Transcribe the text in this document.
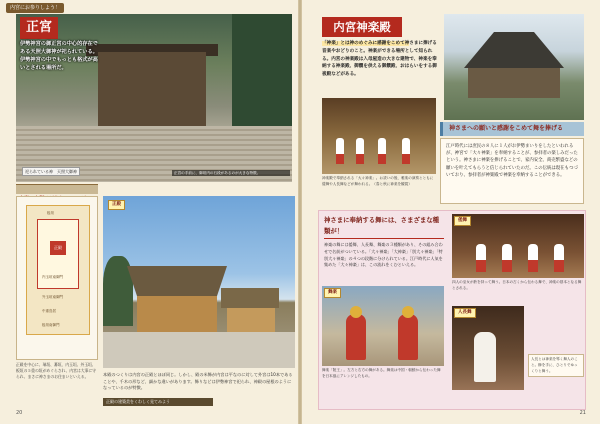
内宮にお参りしよう！
正宮
伊勢神宮の御正宮の中心的存在である天照大御神が祀られている。伊勢神宮の中でもっとも格式が高いとされる場所だ。
祀られている神　天照大御神	正宮の手前に、御垣内の石段があるのが大きな特徴。
正殿
板垣
内玉垣南御門
外玉垣南御門
中重鳥居
板垣南御門
正殿を中心に、瑞垣、蕃垣、内玉垣、外玉垣、板垣の５重の垣がめぐらされ、内宮は大事に守られ、まさに神さまのお住まいといえる。
正殿
本殿のつくりは内宮の正殿とほぼ同じ。しかし、殿の米飾が内宮は平なのに対して外宮は10本であることや、千木の形など、細かな違いがあります。飾りなどは伊勢神宮で祀られ、神殿の屋根のようになっているのが特徴。
正殿の建築美をくわしく見てみよう
20
内宮神楽殿
「神楽」とは神のめぐみに感謝をこめて神さまに捧げる音楽やおどりのこと。神楽ができる場所として知られる。内宮の神楽殿は入母屋造の大きな建物で、神楽を奉納する神楽殿、御饌を供える御饌殿、おはらいをする御祓殿などがある。
神楽殿で奉納される「大々神楽」。お祓いの後、雅楽の演奏とともに倭舞や人長舞などが舞われる。（春と秋に神楽を観賞）
神さまへの願いと感謝をこめて舞を捧げる
江戸時代には庶民の８人に１人がお伊勢まいりをしたといわれるが、神宮で「大々神楽」を奉納することが、参拝者の楽しみだったという。神さまに神楽を捧げることで、家内安全、商売繁盛などの願いを叶えてもらうと信じられていたのだ。この伝統は現在もつづいており、参拝者が神楽殿で神楽を奉納することができる。
神さまに奉納する舞には、さまざまな種類が！
神楽の舞には倭舞、人長舞、舞楽の３種類があり、その組み合わせで名前がついている。「大々神楽」「大神楽」「別大々神楽」「特別大々神楽」の４つの段階に分けられている。江戸時代に人気を集めた「大々神楽」は、この流れをくむといえる。
舞楽
舞楽「陵王」。左方と右方の舞がある。舞楽は中国・朝鮮から伝わった舞を日本風にアレンジしたもの。
倭舞
四人の巫女が鈴を持って舞う。日本の古くから伝わる舞で、神楽の基本となる舞とされる。
人長舞
人長とは神楽を導く舞人のこと。榊を手に、ひとりでゆっくりと舞う。
21
